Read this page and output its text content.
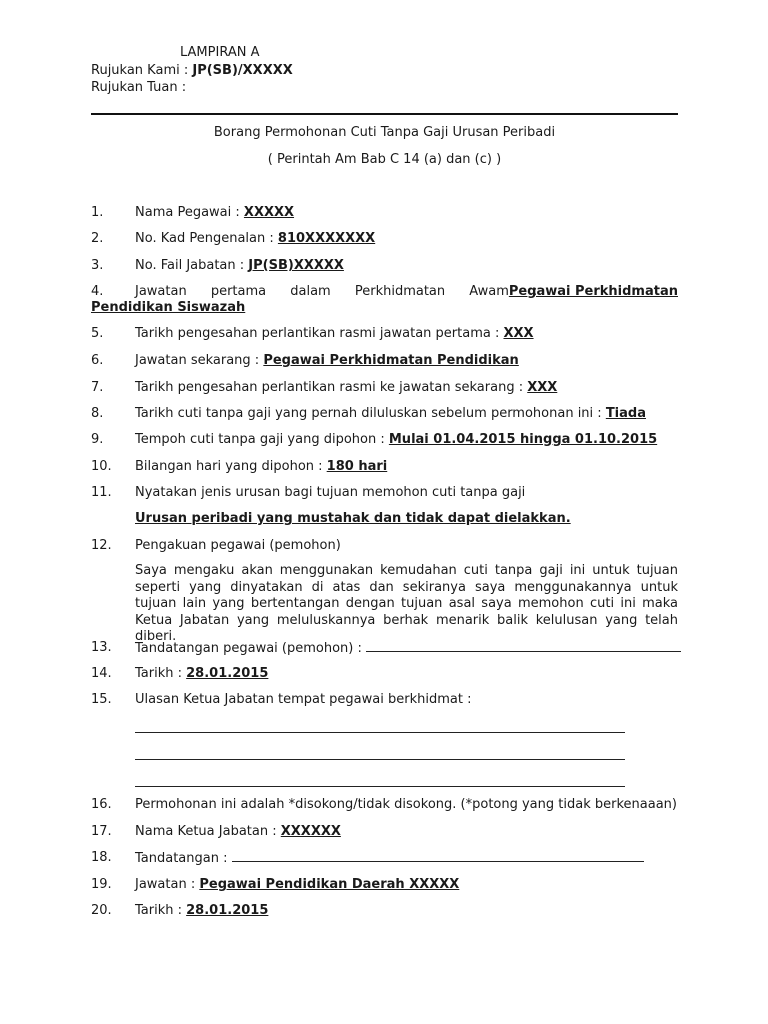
LAMPIRAN A
Rujukan Kami : JP(SB)/XXXXX
Rujukan Tuan :
Borang Permohonan Cuti Tanpa Gaji Urusan Peribadi
( Perintah Am Bab C 14 (a) dan (c) )
1. Nama Pegawai : XXXXX
2. No. Kad Pengenalan : 810XXXXXXX
3. No. Fail Jabatan : JP(SB)XXXXX
4. Jawatan pertama dalam Perkhidmatan Awam :
Pegawai Perkhidmatan
Pendidikan Siswazah
5. Tarikh pengesahan perlantikan rasmi jawatan pertama : XXX
6. Jawatan sekarang : Pegawai Perkhidmatan Pendidikan
7. Tarikh pengesahan perlantikan rasmi ke jawatan sekarang : XXX
8. Tarikh cuti tanpa gaji yang pernah diluluskan sebelum permohonan ini : Tiada
9. Tempoh cuti tanpa gaji yang dipohon : Mulai 01.04.2015 hingga 01.10.2015
10. Bilangan hari yang dipohon : 180 hari
11. Nyatakan jenis urusan bagi tujuan memohon cuti tanpa gaji
Urusan peribadi yang mustahak dan tidak dapat dielakkan.
12. Pengakuan pegawai (pemohon)
Saya mengaku akan menggunakan kemudahan cuti tanpa gaji ini untuk tujuan seperti yang dinyatakan di atas dan sekiranya saya menggunakannya untuk tujuan lain yang bertentangan dengan tujuan asal saya memohon cuti ini maka Ketua Jabatan yang meluluskannya berhak menarik balik kelulusan yang telah diberi.
13. Tandatangan pegawai (pemohon) :
14. Tarikh : 28.01.2015
15. Ulasan Ketua Jabatan tempat pegawai berkhidmat :
16. Permohonan ini adalah *disokong/tidak disokong. (*potong yang tidak berkenaaan)
17. Nama Ketua Jabatan : XXXXXX
18. Tandatangan :
19. Jawatan : Pegawai Pendidikan Daerah XXXXX
20. Tarikh : 28.01.2015
